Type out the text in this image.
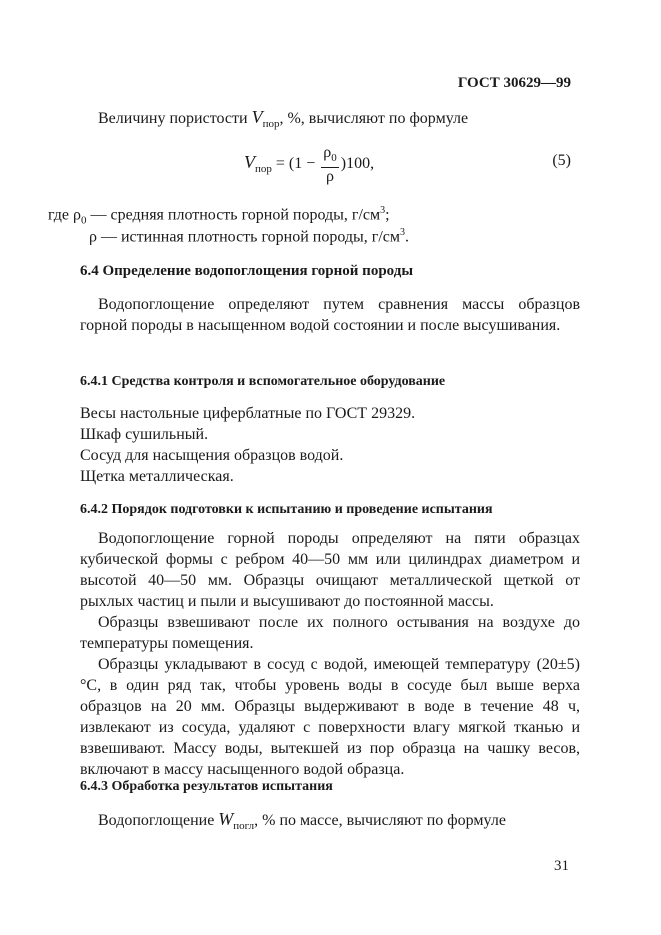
ГОСТ 30629—99
Величину пористости $V_{пор}$, %, вычисляют по формуле
$V_{пор} = (1 - \frac{\rho_0}{\rho} )100$,	(5)
где $\rho_0$ — средняя плотность горной породы, $г/см^3$;
ρ — истинная плотность горной породы, $г/см^3$.
6.4 Определение водопоглощения горной породы
Водопоглощение определяют путем сравнения массы образцов горной породы в насыщенном водой состоянии и после высушивания.
6.4.1 Средства контроля и вспомогательное оборудование
Весы настольные циферблатные по ГОСТ 29329.
Шкаф сушильный.
Сосуд для насыщения образцов водой.
Щетка металлическая.
6.4.2 Порядок подготовки к испытанию и проведение испытания
Водопоглощение горной породы определяют на пяти образцах кубической формы с ребром 40—50 мм или цилиндрах диаметром и высотой 40—50 мм. Образцы очищают металлической щеткой от рыхлых частиц и пыли и высушивают до постоянной массы.
Образцы взвешивают после их полного остывания на воздухе до температуры помещения.
Образцы укладывают в сосуд с водой, имеющей температуру (20±5) °С, в один ряд так, чтобы уровень воды в сосуде был выше верха образцов на 20 мм. Образцы выдерживают в воде в течение 48 ч, извлекают из сосуда, удаляют с поверхности влагу мягкой тканью и взвешивают. Массу воды, вытекшей из пор образца на чашку весов, включают в массу насыщенного водой образца.
6.4.3 Обработка результатов испытания
Водопоглощение $W_{погл}$, % по массе, вычисляют по формуле
31
